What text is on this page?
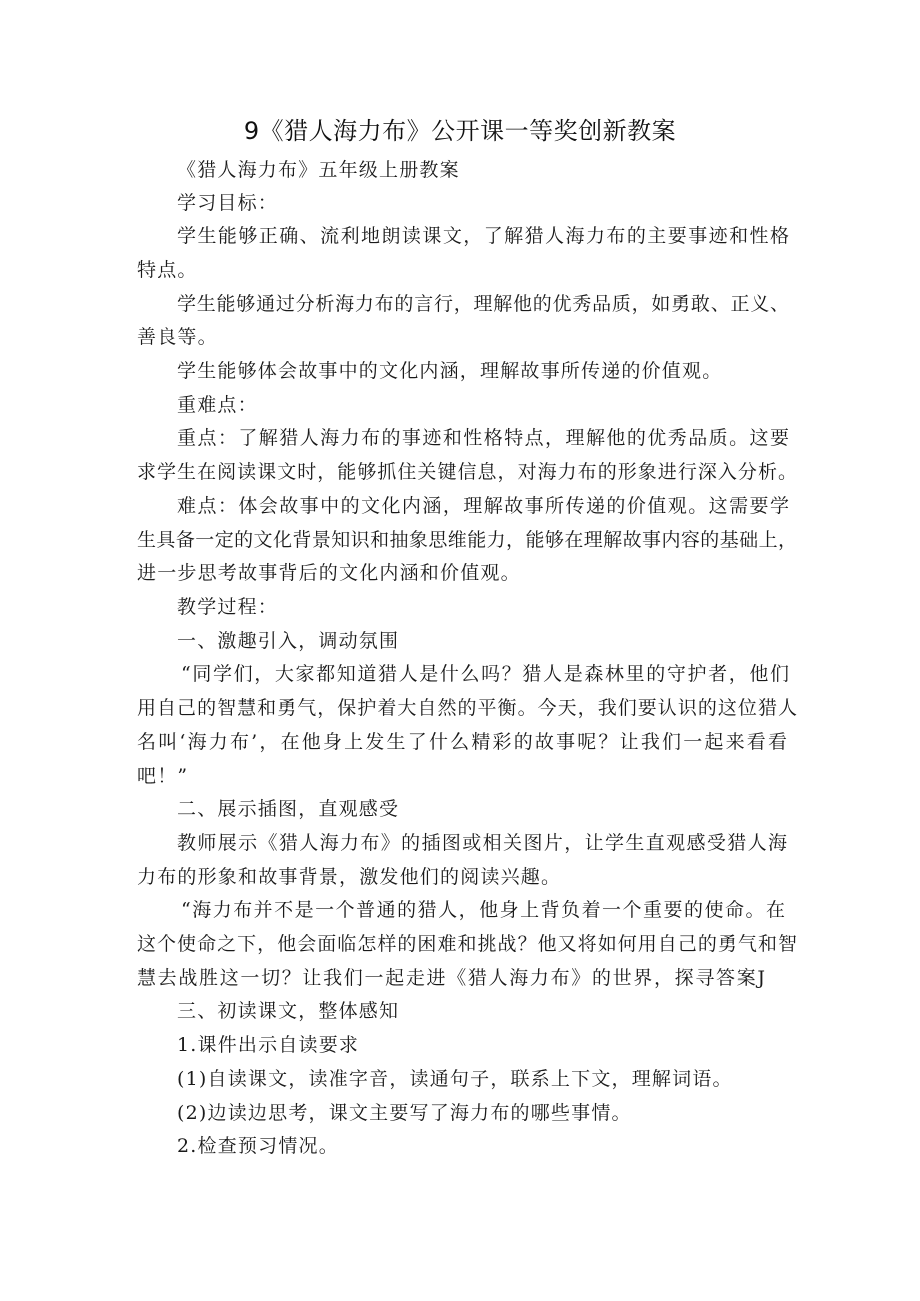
9《猎人海力布》公开课一等奖创新教案
《猎人海力布》五年级上册教案
学习目标：
学生能够正确、流利地朗读课文，了解猎人海力布的主要事迹和性格
特点。
学生能够通过分析海力布的言行，理解他的优秀品质，如勇敢、正义、
善良等。
学生能够体会故事中的文化内涵，理解故事所传递的价值观。
重难点：
重点：了解猎人海力布的事迹和性格特点，理解他的优秀品质。这要
求学生在阅读课文时，能够抓住关键信息，对海力布的形象进行深入分析。
难点：体会故事中的文化内涵，理解故事所传递的价值观。这需要学
生具备一定的文化背景知识和抽象思维能力，能够在理解故事内容的基础上，
进一步思考故事背后的文化内涵和价值观。
教学过程：
一、激趣引入，调动氛围
“同学们，大家都知道猎人是什么吗？猎人是森林里的守护者，他们
用自己的智慧和勇气，保护着大自然的平衡。今天，我们要认识的这位猎人
名叫‘海力布’，在他身上发生了什么精彩的故事呢？让我们一起来看看
吧！”
二、展示插图，直观感受
教师展示《猎人海力布》的插图或相关图片，让学生直观感受猎人海
力布的形象和故事背景，激发他们的阅读兴趣。
“海力布并不是一个普通的猎人，他身上背负着一个重要的使命。在
这个使命之下，他会面临怎样的困难和挑战？他又将如何用自己的勇气和智
慧去战胜这一切？让我们一起走进《猎人海力布》的世界，探寻答案J
三、初读课文，整体感知
1.课件出示自读要求
(1)自读课文，读准字音，读通句子，联系上下文，理解词语。
(2)边读边思考，课文主要写了海力布的哪些事情。
2.检查预习情况。
